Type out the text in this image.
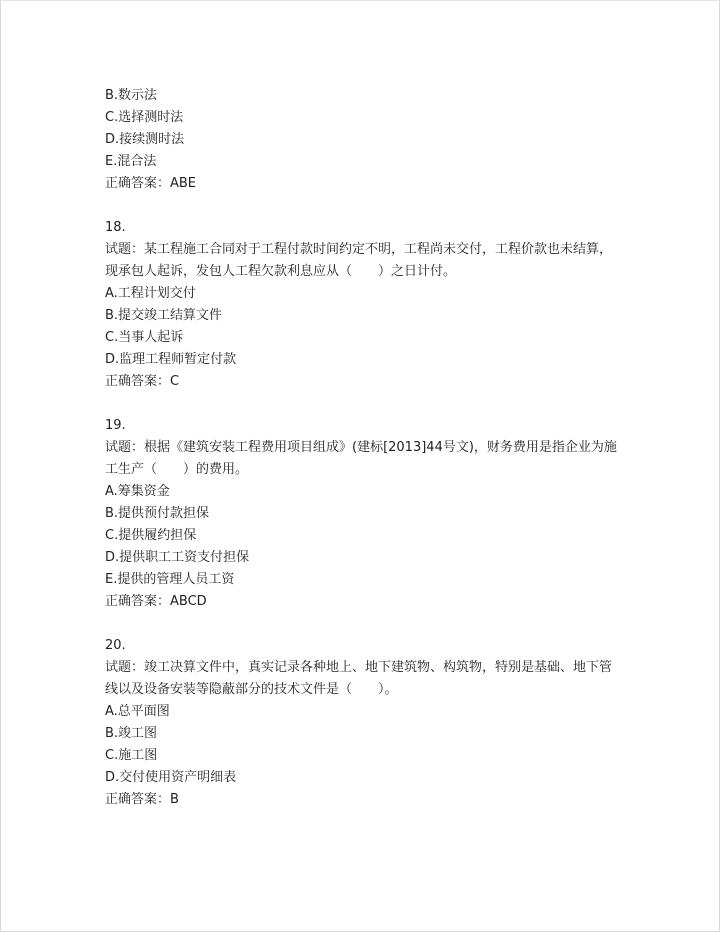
B.数示法
C.选择测时法
D.接续测时法
E.混合法
正确答案：ABE
18.
试题：某工程施工合同对于工程付款时间约定不明，工程尚未交付，工程价款也未结算，
现承包人起诉，发包人工程欠款利息应从（　　）之日计付。
A.工程计划交付
B.提交竣工结算文件
C.当事人起诉
D.监理工程师暂定付款
正确答案：C
19.
试题：根据《建筑安装工程费用项目组成》(建标[2013]44号文)，财务费用是指企业为施
工生产（　　）的费用。
A.筹集资金
B.提供预付款担保
C.提供履约担保
D.提供职工工资支付担保
E.提供的管理人员工资
正确答案：ABCD
20.
试题：竣工决算文件中，真实记录各种地上、地下建筑物、构筑物，特别是基础、地下管
线以及设备安装等隐蔽部分的技术文件是（　　）。
A.总平面图
B.竣工图
C.施工图
D.交付使用资产明细表
正确答案：B
